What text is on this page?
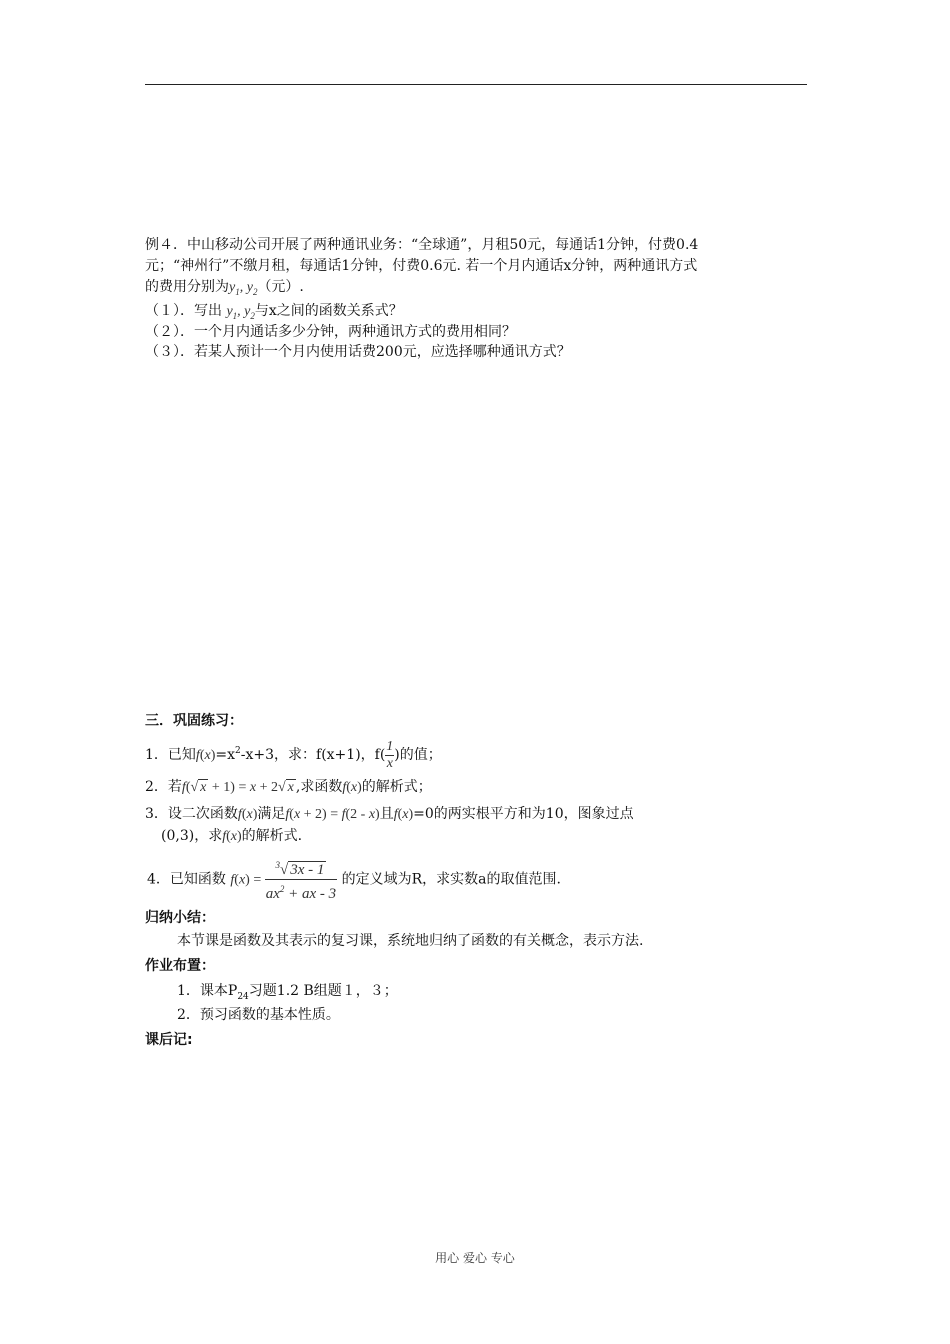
例４．中山移动公司开展了两种通讯业务：“全球通”，月租50元，每通话1分钟，付费0.4
元；“神州行”不缴月租，每通话1分钟，付费0.6元. 若一个月内通话x分钟，两种通讯方式
的费用分别为$y_1$, $y_2$（元）.
（１）．写出 $y_1$, $y_2$与x之间的函数关系式？
（２）．一个月内通话多少分钟，两种通讯方式的费用相同？
（３）．若某人预计一个月内使用话费200元，应选择哪种通讯方式？
三．巩固练习：
1．已知$f(x)=x^2-x+3$，求：f(x+1)，$f( \frac{1}{x}$ )的值；
2．若f(√ x + 1) = x + 2√ x ,求函数f(x)的解析式；
3．设二次函数f(x)满足f(x + 2) = f(2 - x)且f(x)=0的两实根平方和为10，图象过点
(0,3)，求f(x)的解析式.
4．已知函数 $f(x) = \frac{^3√ 3x - 1}{ax^2 + ax - 3}$ 的定义域为R，求实数a的取值范围.
归纳小结：
本节课是函数及其表示的复习课，系统地归纳了函数的有关概念，表示方法.
作业布置：
1．课本$P_{24}$习题1.2 B组题１，３；
2．预习函数的基本性质。
课后记:
用心 爱心 专心
